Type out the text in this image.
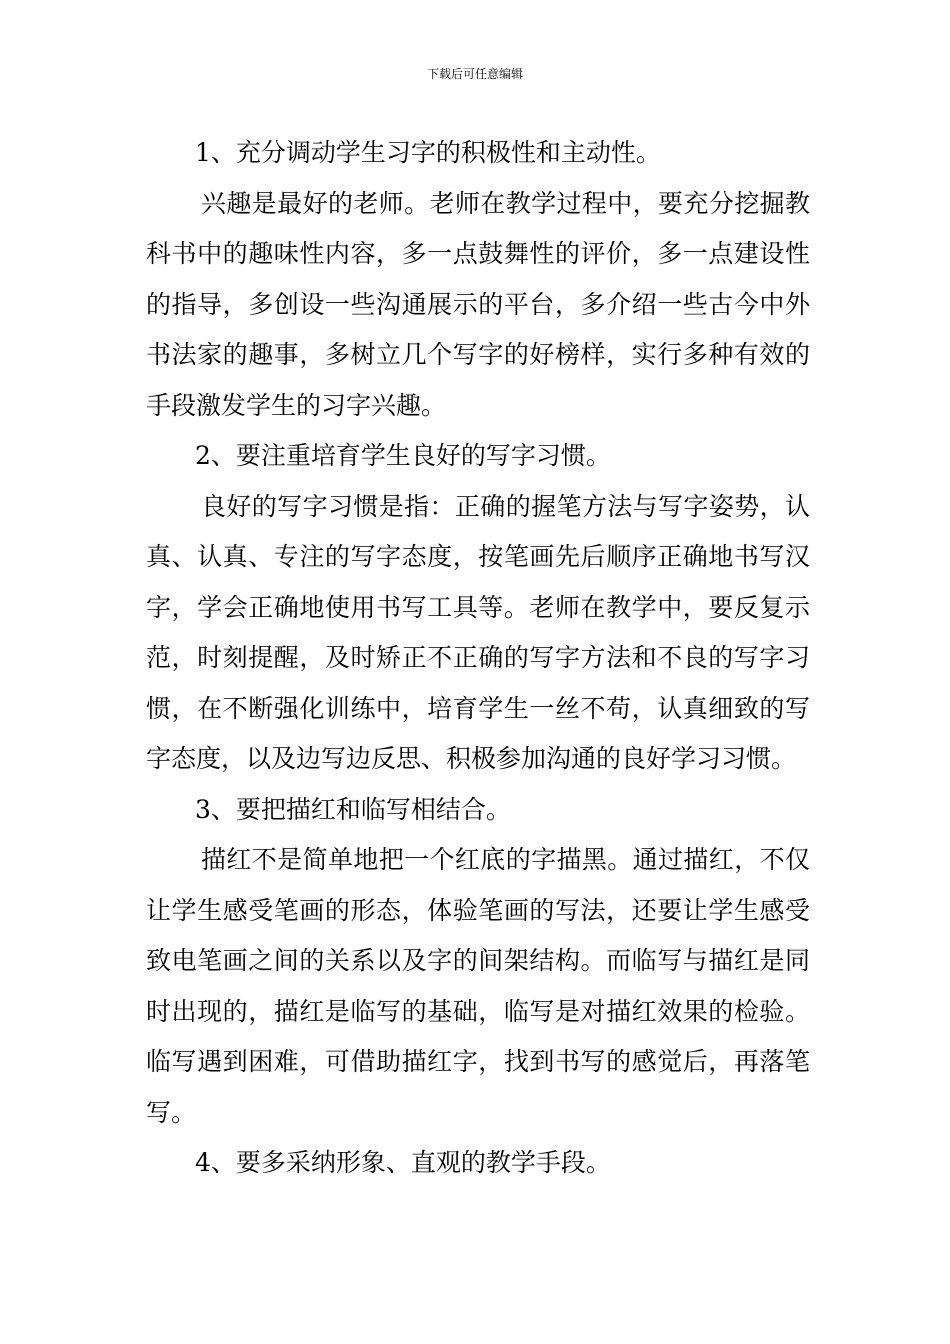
下载后可任意编辑

1、充分调动学生习字的积极性和主动性。

兴趣是最好的老师。老师在教学过程中，要充分挖掘教科书中的趣味性内容，多一点鼓舞性的评价，多一点建设性的指导，多创设一些沟通展示的平台，多介绍一些古今中外书法家的趣事，多树立几个写字的好榜样，实行多种有效的手段激发学生的习字兴趣。

2、要注重培育学生良好的写字习惯。

良好的写字习惯是指：正确的握笔方法与写字姿势，认真、认真、专注的写字态度，按笔画先后顺序正确地书写汉字，学会正确地使用书写工具等。老师在教学中，要反复示范，时刻提醒，及时矫正不正确的写字方法和不良的写字习惯，在不断强化训练中，培育学生一丝不苟，认真细致的写字态度，以及边写边反思、积极参加沟通的良好学习习惯。

3、要把描红和临写相结合。

描红不是简单地把一个红底的字描黑。通过描红，不仅让学生感受笔画的形态，体验笔画的写法，还要让学生感受致电笔画之间的关系以及字的间架结构。而临写与描红是同时出现的，描红是临写的基础，临写是对描红效果的检验。临写遇到困难，可借助描红字，找到书写的感觉后，再落笔写。

4、要多采纳形象、直观的教学手段。
